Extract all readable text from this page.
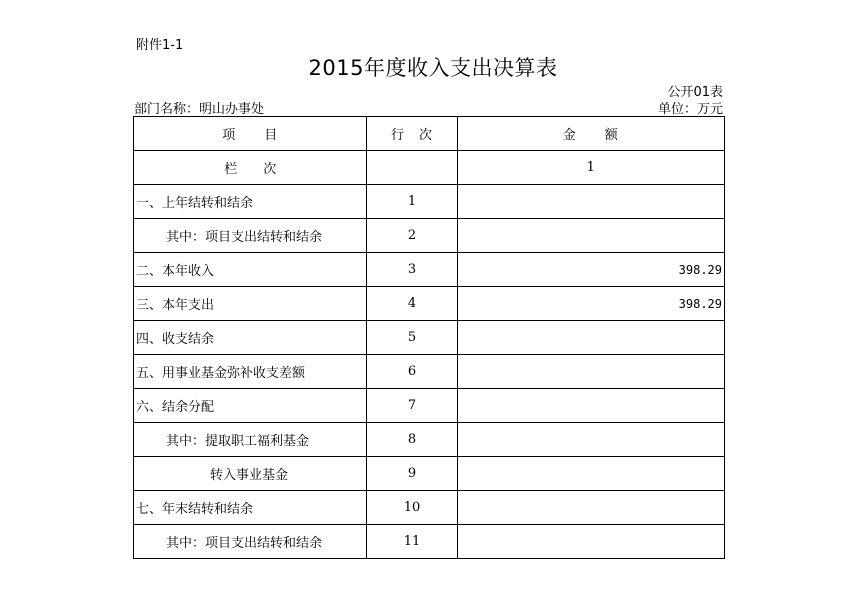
附件1-1
2015年度收入支出决算表
公开01表
部门名称：明山办事处	单位：万元
项　　目	行　次	金　　额
栏　　次		1
一、上年结转和结余	1	
其中：项目支出结转和结余	2	
二、本年收入	3	398.29
三、本年支出	4	398.29
四、收支结余	5	
五、用事业基金弥补收支差额	6	
六、结余分配	7	
其中：提取职工福利基金	8	
转入事业基金	9	
七、年末结转和结余	10	
其中：项目支出结转和结余	11	
